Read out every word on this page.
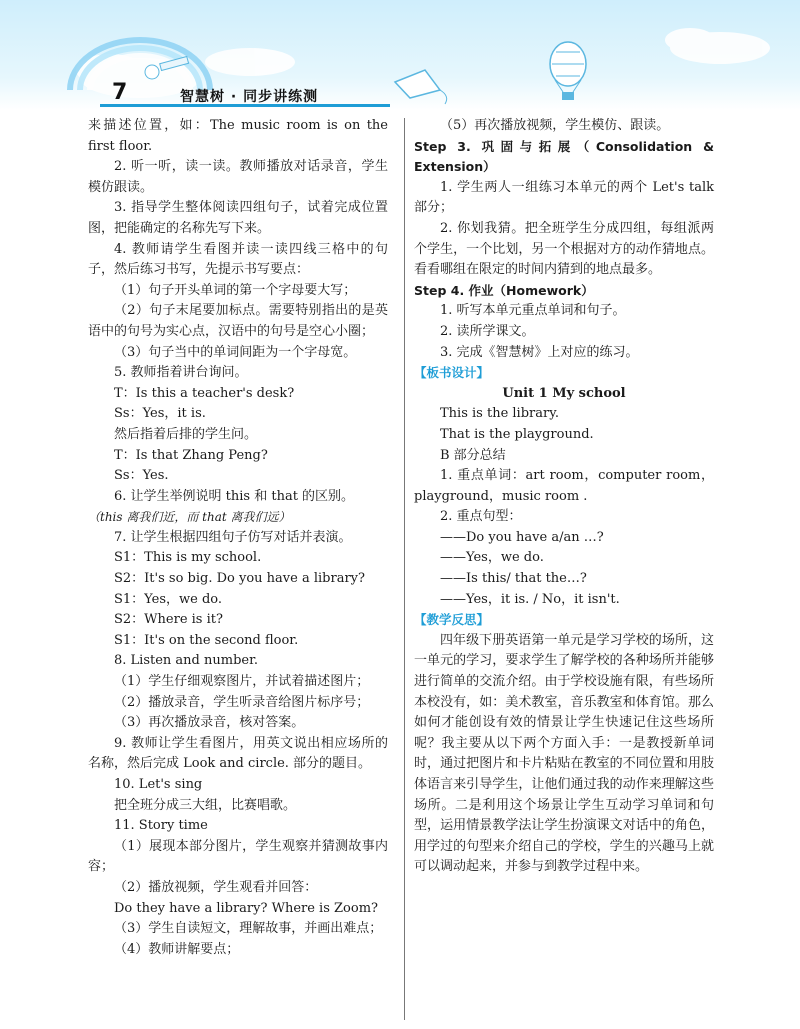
7	智慧树 · 同步讲练测

来描述位置，如：The music room is on the first floor.

2. 听一听，读一读。教师播放对话录音，学生模仿跟读。

3. 指导学生整体阅读四组句子，试着完成位置图，把能确定的名称先写下来。

4. 教师请学生看图并读一读四线三格中的句子，然后练习书写，先提示书写要点：

（1）句子开头单词的第一个字母要大写；

（2）句子末尾要加标点。需要特别指出的是英语中的句号为实心点，汉语中的句号是空心小圈；

（3）句子当中的单词间距为一个字母宽。

5. 教师指着讲台询问。

T：Is this a teacher's desk?

Ss：Yes，it is.

然后指着后排的学生问。

T：Is that Zhang Peng?

Ss：Yes.

6. 让学生举例说明 this 和 that 的区别。

（this 离我们近，而 that 离我们远）

7. 让学生根据四组句子仿写对话并表演。

S1：This is my school.

S2：It's so big. Do you have a library?

S1：Yes，we do.

S2：Where is it?

S1：It's on the second floor.

8. Listen and number.

（1）学生仔细观察图片，并试着描述图片；

（2）播放录音，学生听录音给图片标序号；

（3）再次播放录音，核对答案。

9. 教师让学生看图片，用英文说出相应场所的名称，然后完成 Look and circle. 部分的题目。

10. Let's sing

把全班分成三大组，比赛唱歌。

11. Story time

（1）展现本部分图片，学生观察并猜测故事内容；

（2）播放视频，学生观看并回答：

Do they have a library? Where is Zoom?

（3）学生自读短文，理解故事，并画出难点；

（4）教师讲解要点；

（5）再次播放视频，学生模仿、跟读。

Step 3. 巩固与拓展（Consolidation & Extension）

1. 学生两人一组练习本单元的两个 Let's talk 部分；

2. 你划我猜。把全班学生分成四组，每组派两个学生，一个比划，另一个根据对方的动作猜地点。看看哪组在限定的时间内猜到的地点最多。

Step 4. 作业（Homework）

1. 听写本单元重点单词和句子。

2. 读所学课文。

3. 完成《智慧树》上对应的练习。

【板书设计】

Unit 1 My school

This is the library.

That is the playground.

B 部分总结

1. 重点单词：art room，computer room，playground，music room .

2. 重点句型：

——Do you have a/an …?

——Yes，we do.

——Is this/ that the…?

——Yes，it is. / No，it isn't.

【教学反思】

四年级下册英语第一单元是学习学校的场所，这一单元的学习，要求学生了解学校的各种场所并能够进行简单的交流介绍。由于学校设施有限，有些场所本校没有，如：美术教室，音乐教室和体育馆。那么如何才能创设有效的情景让学生快速记住这些场所呢？我主要从以下两个方面入手：一是教授新单词时，通过把图片和卡片粘贴在教室的不同位置和用肢体语言来引导学生，让他们通过我的动作来理解这些场所。二是利用这个场景让学生互动学习单词和句型，运用情景教学法让学生扮演课文对话中的角色，用学过的句型来介绍自己的学校，学生的兴趣马上就可以调动起来，并参与到教学过程中来。
